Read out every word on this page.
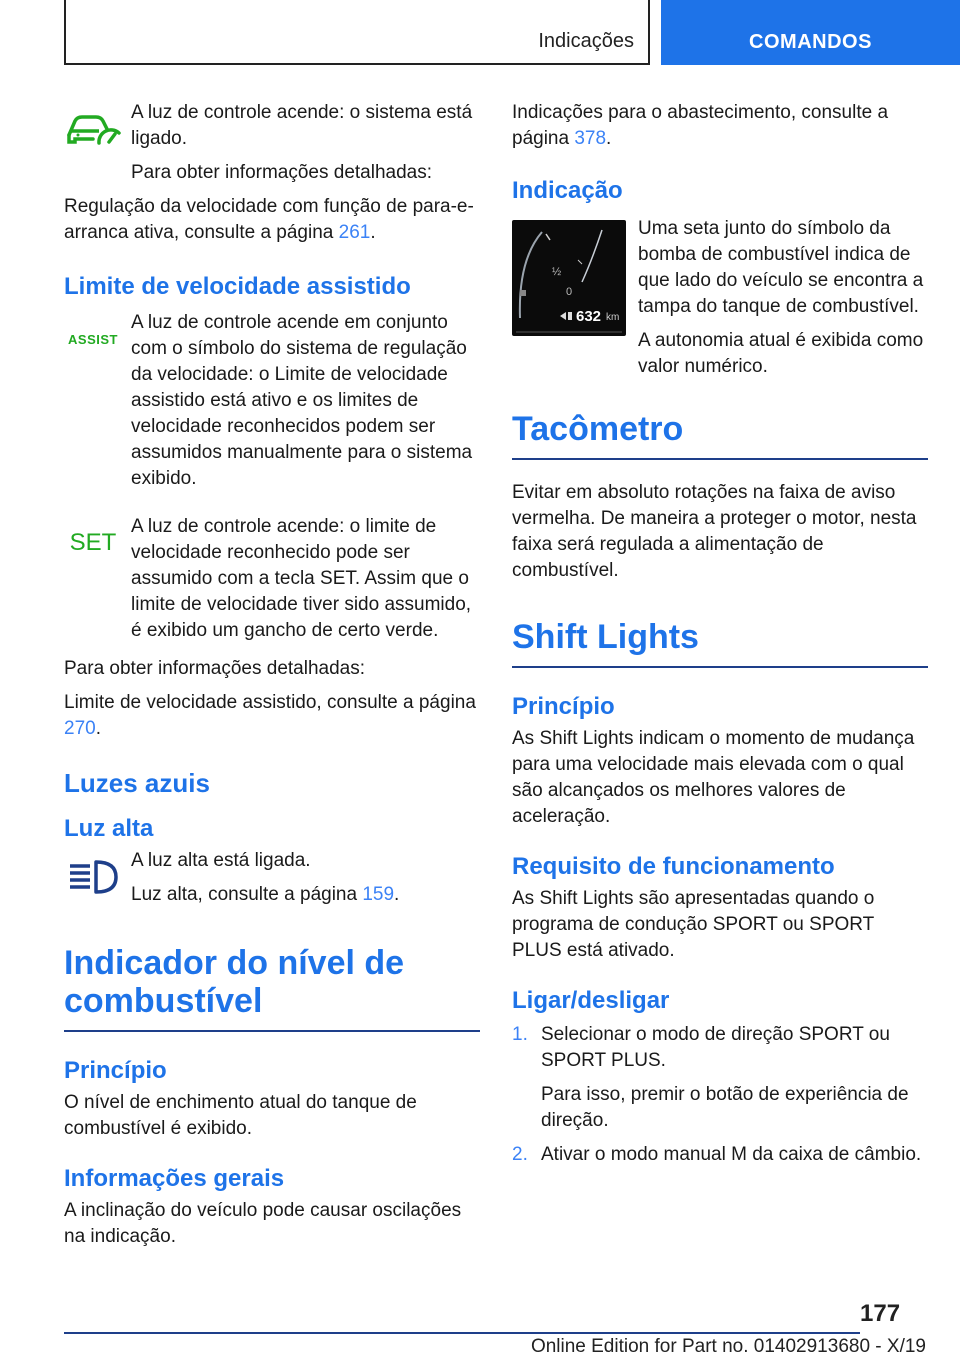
Indicações	COMANDOS

A luz de controle acende: o sistema está ligado.

Para obter informações detalhadas:

Regulação da velocidade com função de para-e-arranca ativa, consulte a página 261.

Limite de velocidade assistido
ASSIST

A luz de controle acende em conjunto com o símbolo do sistema de regulação da velocidade: o Limite de velocidade assistido está ativo e os limites de velocidade reconhecidos podem ser assumidos manualmente para o sistema exibido.

SET

A luz de controle acende: o limite de velocidade reconhecido pode ser assumido com a tecla SET. Assim que o limite de velocidade tiver sido assumido, é exibido um gancho de certo verde.

Para obter informações detalhadas:

Limite de velocidade assistido, consulte a página 270.

Luzes azuis
Luz alta

A luz alta está ligada.

Luz alta, consulte a página 159.

Indicador do nível de combustível
Princípio

O nível de enchimento atual do tanque de combustível é exibido.

Informações gerais

A inclinação do veículo pode causar oscilações na indicação.

Indicações para o abastecimento, consulte a página 378.

Indicação
½
0
632 km

Uma seta junto do símbolo da bomba de combustível indica de que lado do veículo se encontra a tampa do tanque de combustível.

A autonomia atual é exibida como valor numérico.

Tacômetro

Evitar em absoluto rotações na faixa de aviso vermelha. De maneira a proteger o motor, nesta faixa será regulada a alimentação de combustível.

Shift Lights
Princípio

As Shift Lights indicam o momento de mudança para uma velocidade mais elevada com o qual são alcançados os melhores valores de aceleração.

Requisito de funcionamento

As Shift Lights são apresentadas quando o programa de condução SPORT ou SPORT PLUS está ativado.

Ligar/desligar
1. Selecionar o modo de direção SPORT ou SPORT PLUS.

Para isso, premir o botão de experiência de direção.

2. Ativar o modo manual M da caixa de câmbio.

177
Online Edition for Part no. 01402913680 - X/19
